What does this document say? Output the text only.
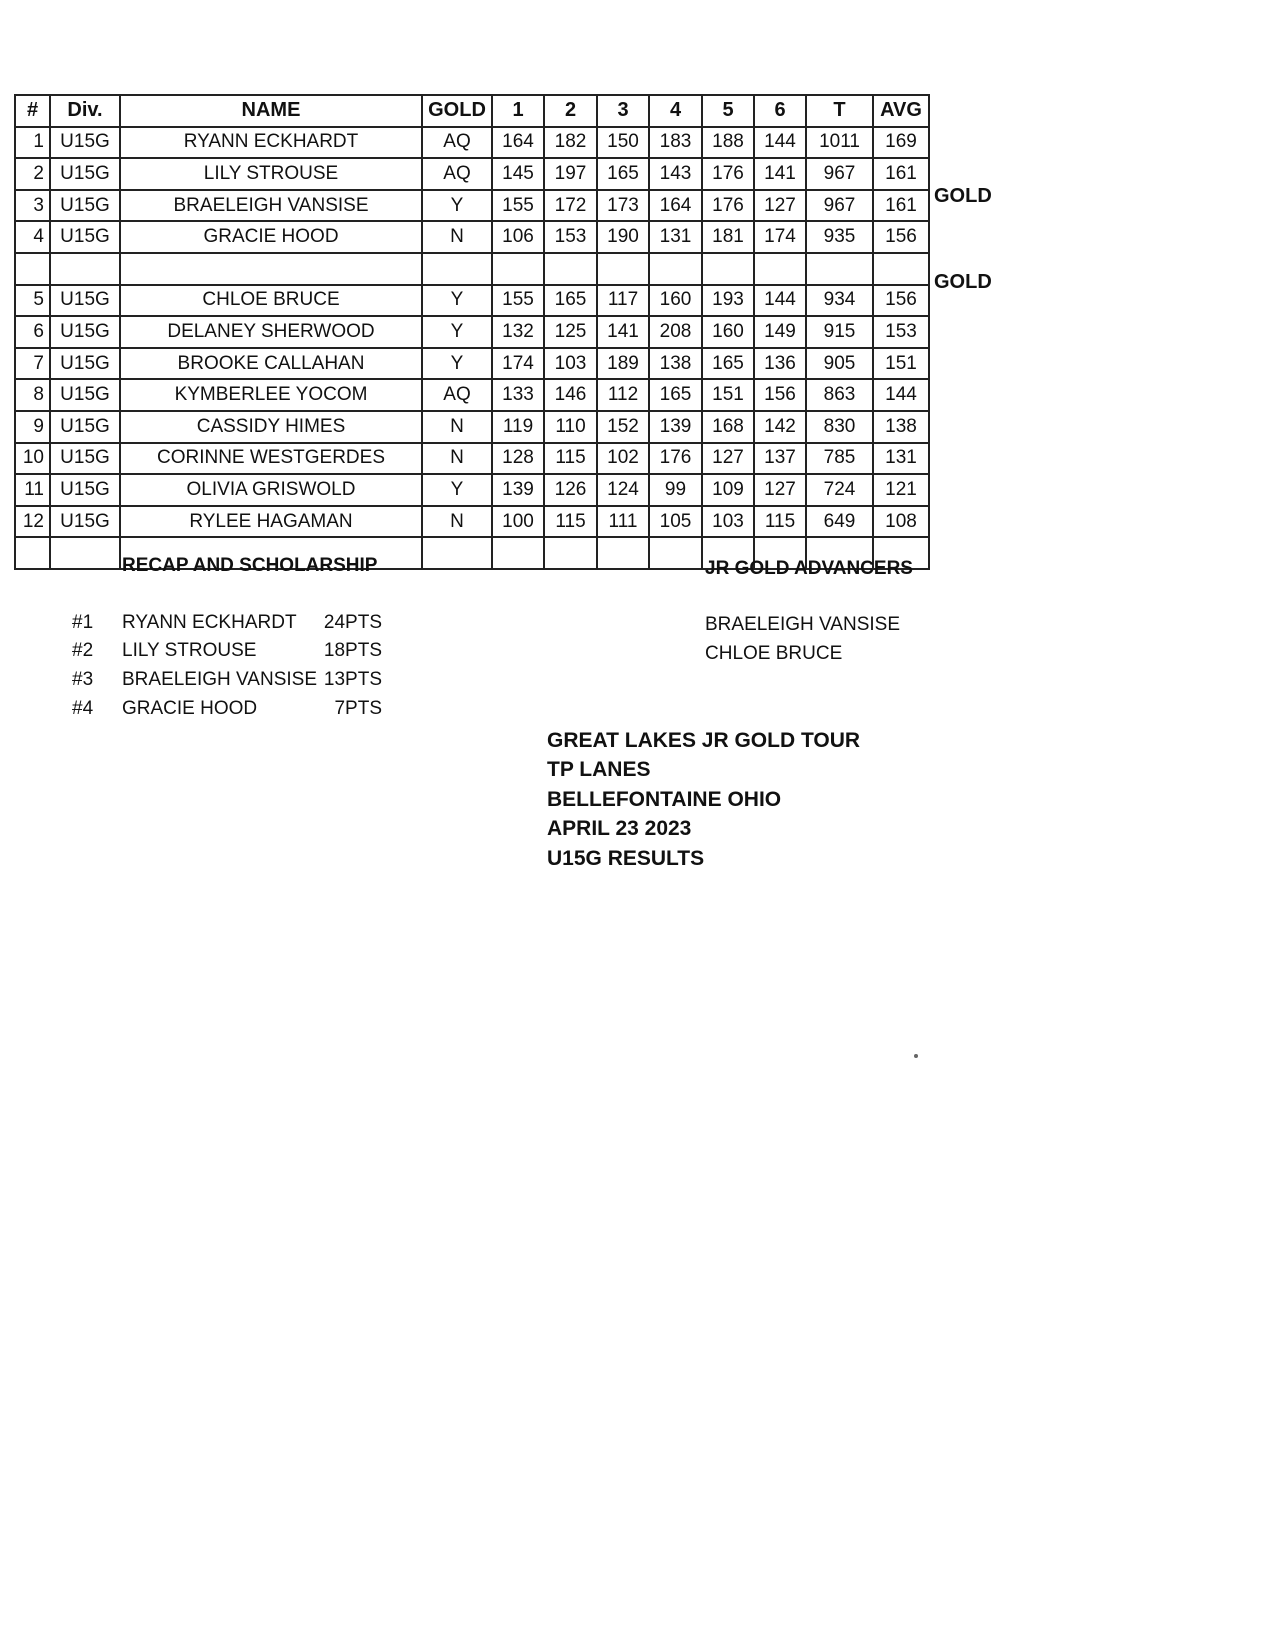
#	Div.	NAME	GOLD	1	2	3	4	5	6	T	AVG
1	U15G	RYANN ECKHARDT	AQ	164	182	150	183	188	144	1011	169
2	U15G	LILY STROUSE	AQ	145	197	165	143	176	141	967	161
3	U15G	BRAELEIGH VANSISE	Y	155	172	173	164	176	127	967	161
4	U15G	GRACIE HOOD	N	106	153	190	131	181	174	935	156

5	U15G	CHLOE BRUCE	Y	155	165	117	160	193	144	934	156
6	U15G	DELANEY SHERWOOD	Y	132	125	141	208	160	149	915	153
7	U15G	BROOKE CALLAHAN	Y	174	103	189	138	165	136	905	151
8	U15G	KYMBERLEE YOCOM	AQ	133	146	112	165	151	156	863	144
9	U15G	CASSIDY HIMES	N	119	110	152	139	168	142	830	138
10	U15G	CORINNE WESTGERDES	N	128	115	102	176	127	137	785	131
11	U15G	OLIVIA GRISWOLD	Y	139	126	124	99	109	127	724	121
12	U15G	RYLEE HAGAMAN	N	100	115	111	105	103	115	649	108

GOLD
GOLD
RECAP AND SCHOLARSHIP
#1 RYANN ECKHARDT	24PTS
#2 LILY STROUSE	18PTS
#3 BRAELEIGH VANSISE 13PTS
#4 GRACIE HOOD	7PTS
JR GOLD ADVANCERS
BRAELEIGH VANSISE
CHLOE BRUCE
GREAT LAKES JR GOLD TOUR
TP LANES
BELLEFONTAINE OHIO
APRIL 23 2023
U15G RESULTS
